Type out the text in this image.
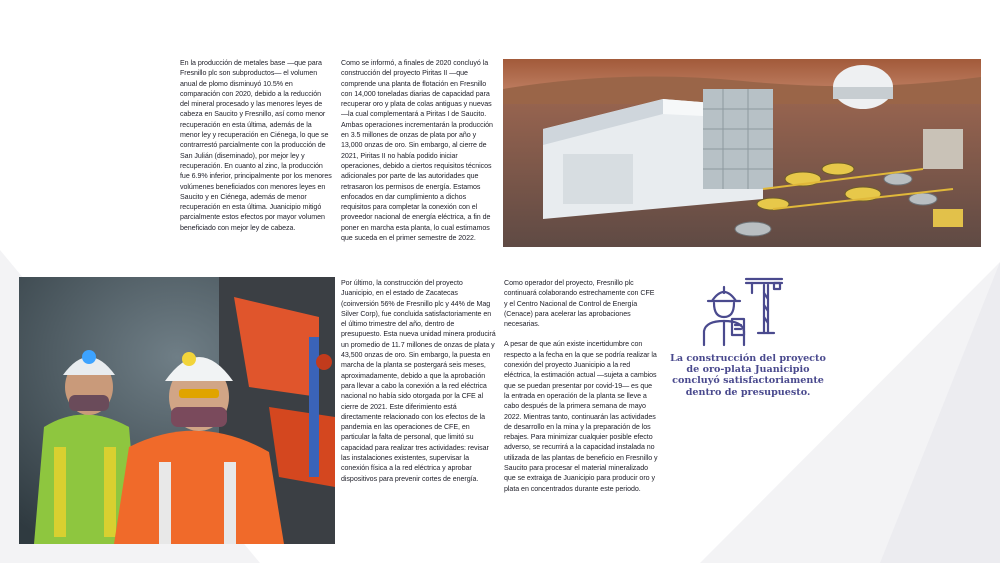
En la producción de metales base —que para Fresnillo plc son subproductos— el volumen anual de plomo disminuyó 10.5% en comparación con 2020, debido a la reducción del mineral procesado y las menores leyes de cabeza en Saucito y Fresnillo, así como menor recuperación en esta última, además de la menor ley y recuperación en Ciénega, lo que se contrarrestó parcialmente con la producción de San Julián (diseminado), por mejor ley y recuperación. En cuanto al zinc, la producción fue 6.9% inferior, principalmente por los menores volúmenes beneficiados con menores leyes en Saucito y en Ciénega, además de menor recuperación en esta última. Juanicipio mitigó parcialmente estos efectos por mayor volumen beneficiado con mejor ley de cabeza.

Como se informó, a finales de 2020 concluyó la construcción del proyecto Piritas II —que comprende una planta de flotación en Fresnillo con 14,000 toneladas diarias de capacidad para recuperar oro y plata de colas antiguas y nuevas—la cual complementará a Piritas I de Saucito. Ambas operaciones incrementarán la producción en 3.5 millones de onzas de plata por año y 13,000 onzas de oro. Sin embargo, al cierre de 2021, Piritas II no había podido iniciar operaciones, debido a ciertos requisitos técnicos adicionales por parte de las autoridades que retrasaron los permisos de energía. Estamos enfocados en dar cumplimiento a dichos requisitos para completar la conexión con el proveedor nacional de energía eléctrica, a fin de poner en marcha esta planta, lo cual estimamos que suceda en el primer semestre de 2022.

Por último, la construcción del proyecto Juanicipio, en el estado de Zacatecas (coinversión 56% de Fresnillo plc y 44% de Mag Silver Corp), fue concluida satisfactoriamente en el último trimestre del año, dentro de presupuesto. Esta nueva unidad minera producirá un promedio de 11.7 millones de onzas de plata y 43,500 onzas de oro. Sin embargo, la puesta en marcha de la planta se postergará seis meses, aproximadamente, debido a que la aprobación para llevar a cabo la conexión a la red eléctrica nacional no había sido otorgada por la CFE al cierre de 2021. Este diferimiento está directamente relacionado con los efectos de la pandemia en las operaciones de CFE, en particular la falta de personal, que limitó su capacidad para realizar tres actividades: revisar las instalaciones existentes, supervisar la conexión física a la red eléctrica y aprobar dispositivos para prevenir cortes de energía.

Como operador del proyecto, Fresnillo plc continuará colaborando estrechamente con CFE y el Centro Nacional de Control de Energía (Cenace) para acelerar las aprobaciones necesarias.

A pesar de que aún existe incertidumbre con respecto a la fecha en la que se podría realizar la conexión del proyecto Juanicipio a la red eléctrica, la estimación actual —sujeta a cambios que se puedan presentar por covid-19— es que la entrada en operación de la planta se lleve a cabo después de la primera semana de mayo 2022. Mientras tanto, continuarán las actividades de desarrollo en la mina y la preparación de los rebajes. Para minimizar cualquier posible efecto adverso, se recurrirá a la capacidad instalada no utilizada de las plantas de beneficio en Fresnillo y Saucito para procesar el material mineralizado que se extraiga de Juanicipio para producir oro y plata en concentrados durante este periodo.

La construcción del proyecto de oro-plata Juanicipio concluyó satisfactoriamente dentro de presupuesto.
